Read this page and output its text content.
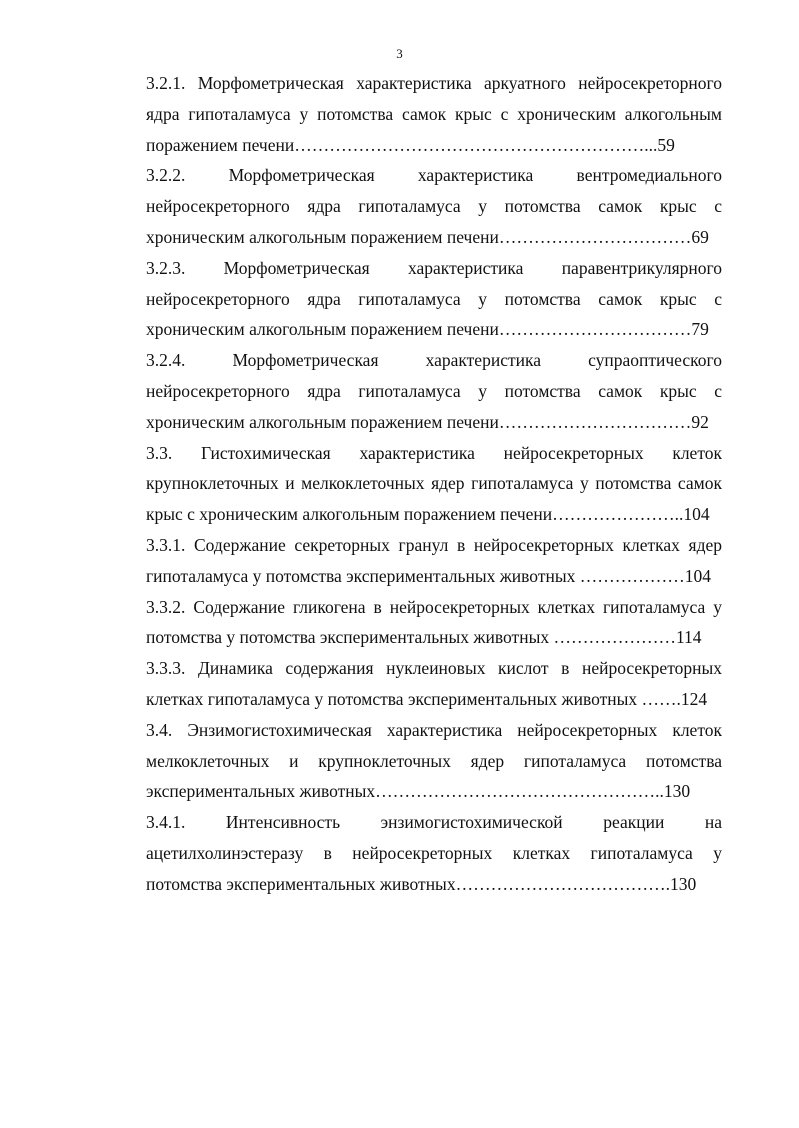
3
3.2.1. Морфометрическая характеристика аркуатного нейросекреторного
ядра гипоталамуса у потомства самок крыс с хроническим алкогольным
поражением печени……………………………………………………...59
3.2.2. Морфометрическая характеристика вентромедиального
нейросекреторного ядра гипоталамуса у потомства самок крыс с
хроническим алкогольным поражением печени……………………………69
3.2.3. Морфометрическая характеристика паравентрикулярного
нейросекреторного ядра гипоталамуса у потомства самок крыс с
хроническим алкогольным поражением печени……………………………79
3.2.4. Морфометрическая характеристика супраоптического
нейросекреторного ядра гипоталамуса у потомства самок крыс с
хроническим алкогольным поражением печени……………………………92
3.3. Гистохимическая характеристика нейросекреторных клеток
крупноклеточных и мелкоклеточных ядер гипоталамуса у потомства самок
крыс с хроническим алкогольным поражением печени…………………..104
3.3.1. Содержание секреторных гранул в нейросекреторных клетках ядер
гипоталамуса у потомства экспериментальных животных ………………104
3.3.2. Содержание гликогена в нейросекреторных клетках гипоталамуса у
потомства у потомства экспериментальных животных …………………114
3.3.3. Динамика содержания нуклеиновых кислот в нейросекреторных
клетках гипоталамуса у потомства экспериментальных животных …….124
3.4. Энзимогистохимическая характеристика нейросекреторных клеток
мелкоклеточных и крупноклеточных ядер гипоталамуса потомства
экспериментальных животных…………………………………………..130
3.4.1. Интенсивность энзимогистохимической реакции на
ацетилхолинэстеразу в нейросекреторных клетках гипоталамуса у
потомства экспериментальных животных……………………………….130
